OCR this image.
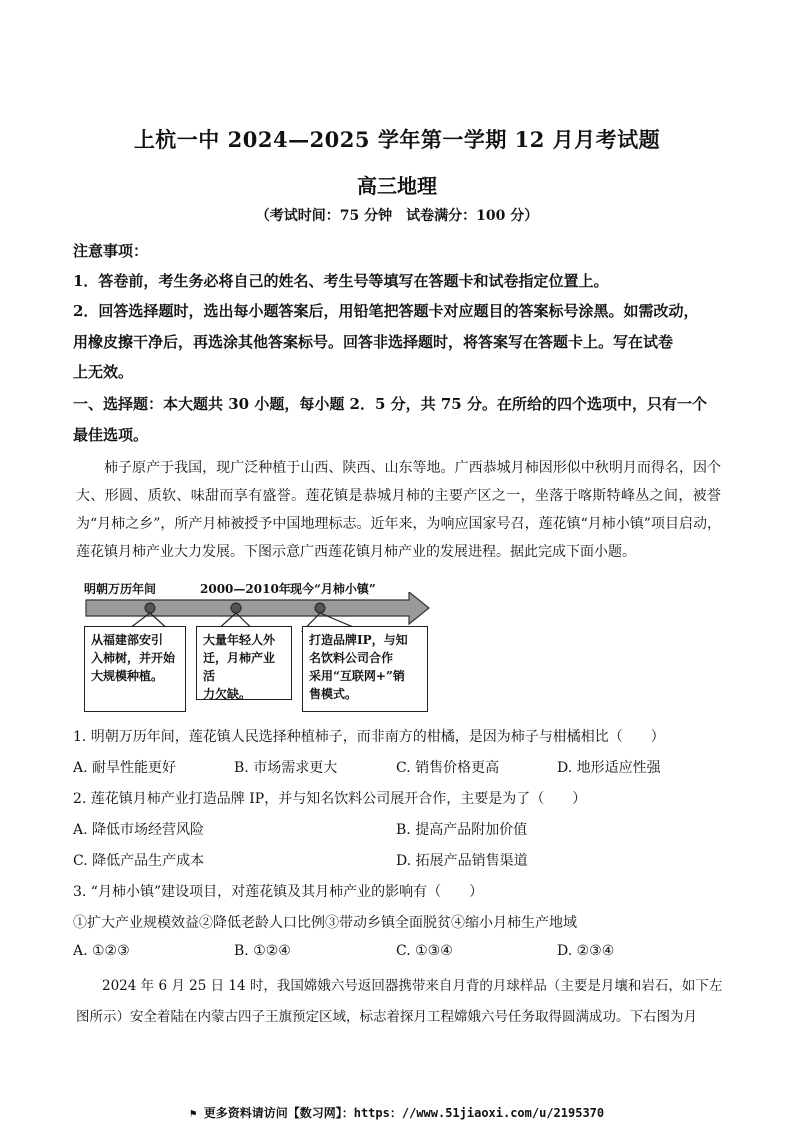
上杭一中 2024—2025 学年第一学期 12 月月考试题
高三地理
（考试时间：75 分钟　试卷满分：100 分）
注意事项：
1．答卷前，考生务必将自己的姓名、考生号等填写在答题卡和试卷指定位置上。
2．回答选择题时，选出每小题答案后，用铅笔把答题卡对应题目的答案标号涂黑。如需改动，
用橡皮擦干净后，再选涂其他答案标号。回答非选择题时，将答案写在答题卡上。写在试卷
上无效。
一、选择题：本大题共 30 小题，每小题 2．5 分，共 75 分。在所给的四个选项中，只有一个
最佳选项。
柿子原产于我国，现广泛种植于山西、陕西、山东等地。广西恭城月柿因形似中秋明月而得名，因个大、形圆、质软、味甜而享有盛誉。莲花镇是恭城月柿的主要产区之一，坐落于喀斯特峰丛之间，被誉为“月柿之乡”，所产月柿被授予中国地理标志。近年来，为响应国家号召，莲花镇“月柿小镇”项目启动，莲花镇月柿产业大力发展。下图示意广西莲花镇月柿产业的发展进程。据此完成下面小题。
明朝万历年间	2000—2010年 现今“月柿小镇”
从福建部安引
入柿树，并开始
大规模种植。
大量年轻人外
迁，月柿产业活
力欠缺。
打造品牌IP，与知
名饮料公司合作
采用“互联网+”销
售模式。
1. 明朝万历年间，莲花镇人民选择种植柿子，而非南方的柑橘，是因为柿子与柑橘相比（　　）
A. 耐旱性能更好	B. 市场需求更大	C. 销售价格更高	D. 地形适应性强
2. 莲花镇月柿产业打造品牌 IP，并与知名饮料公司展开合作，主要是为了（　　）
A. 降低市场经营风险	B. 提高产品附加价值
C. 降低产品生产成本	D. 拓展产品销售渠道
3. “月柿小镇”建设项目，对莲花镇及其月柿产业的影响有（　　）
①扩大产业规模效益②降低老龄人口比例③带动乡镇全面脱贫④缩小月柿生产地域
A. ①②③	B. ①②④	C. ①③④	D. ②③④
2024 年 6 月 25 日 14 时，我国嫦娥六号返回器携带来自月背的月球样品（主要是月壤和岩石，如下左
图所示）安全着陆在内蒙古四子王旗预定区域，标志着探月工程嫦娥六号任务取得圆满成功。下右图为月
⚑ 更多资料请访问【数习网】：https：//www.51jiaoxi.com/u/2195370
